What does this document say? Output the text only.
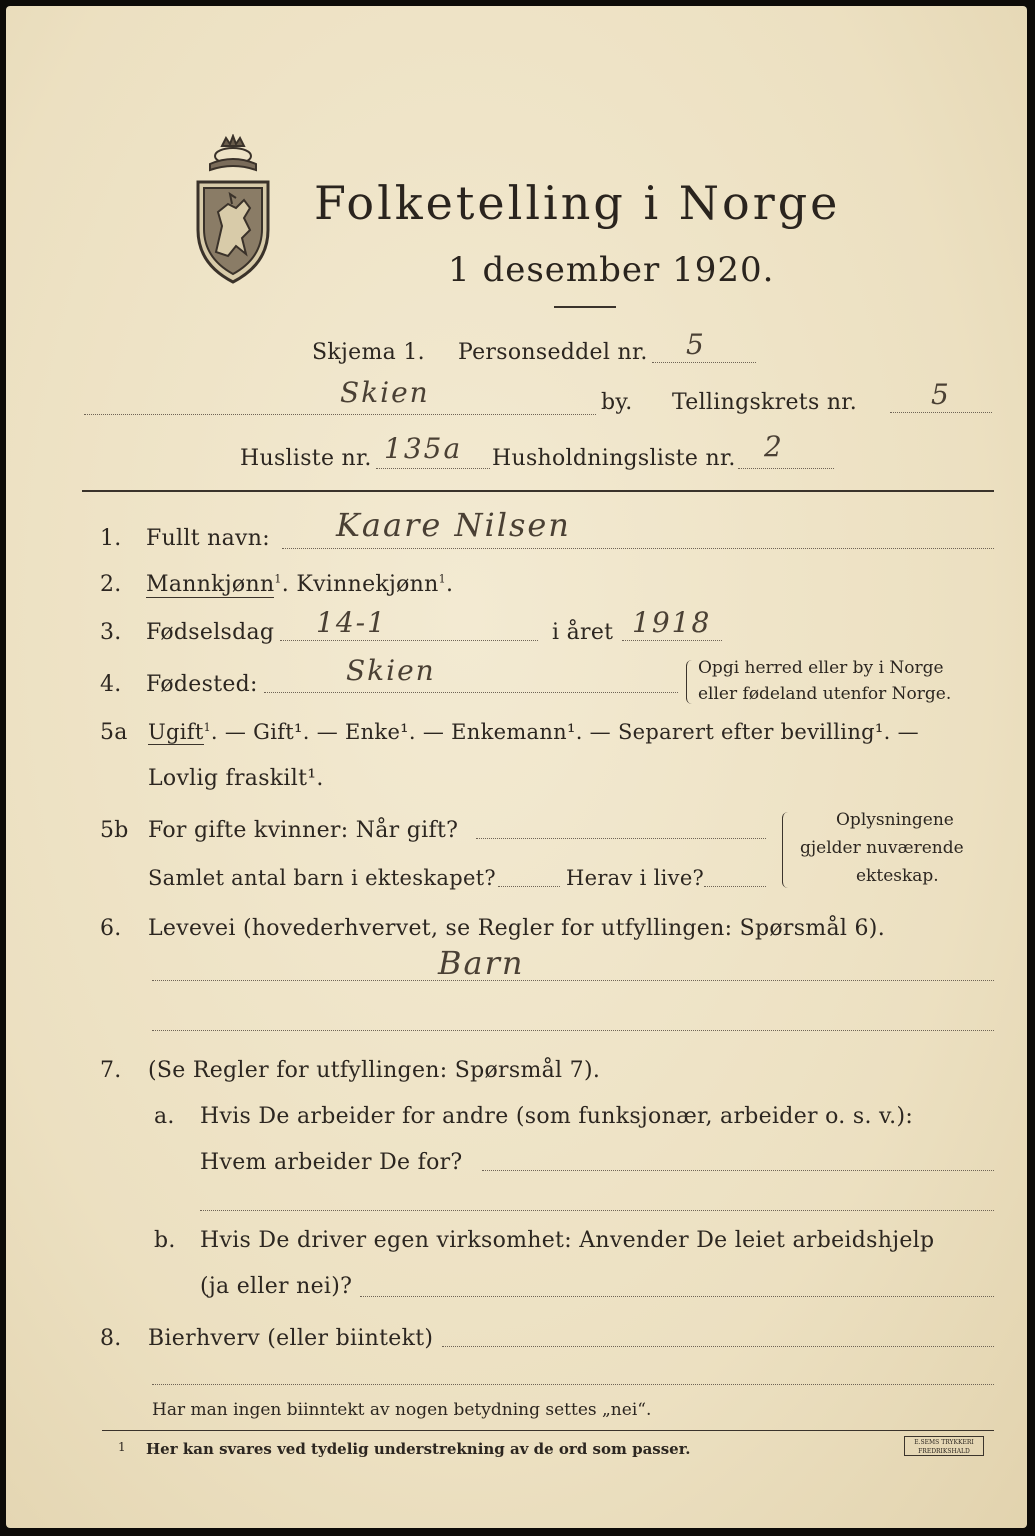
Folketelling i Norge
1 desember 1920.
Skjema 1. Personseddel nr. 5
Skien	by. Tellingskrets nr.	5
Husliste nr. 135a Husholdningsliste nr. 2
1. Fullt navn: Kaare Nilsen
2. Mannkjønn$^1$. Kvinnekjønn$^1$.
3. Fødselsdag 14-1	i året 1918
4. Fødested:	Skien	Opgi herred eller by i Norge
eller fødeland utenfor Norge.
5a Ugift$^1$. — Gift¹. — Enke¹. — Enkemann¹. — Separert efter bevilling¹. —
Lovlig fraskilt¹.
5b For gifte kvinner: Når gift?
Samlet antal barn i ekteskapet?	Herav i live?
Oplysningene
gjelder nuværende
ekteskap.
6. Levevei (hovederhvervet, se Regler for utfyllingen: Spørsmål 6).
Barn
7. (Se Regler for utfyllingen: Spørsmål 7).
a. Hvis De arbeider for andre (som funksjonær, arbeider o. s. v.):
Hvem arbeider De for?
b. Hvis De driver egen virksomhet: Anvender De leiet arbeidshjelp
(ja eller nei)?
8. Bierhverv (eller biintekt)
Har man ingen biinntekt av nogen betydning settes „nei“.
1 Her kan svares ved tydelig understrekning av de ord som passer.	E.SEMS TRYKKERI FREDRIKSHALD
